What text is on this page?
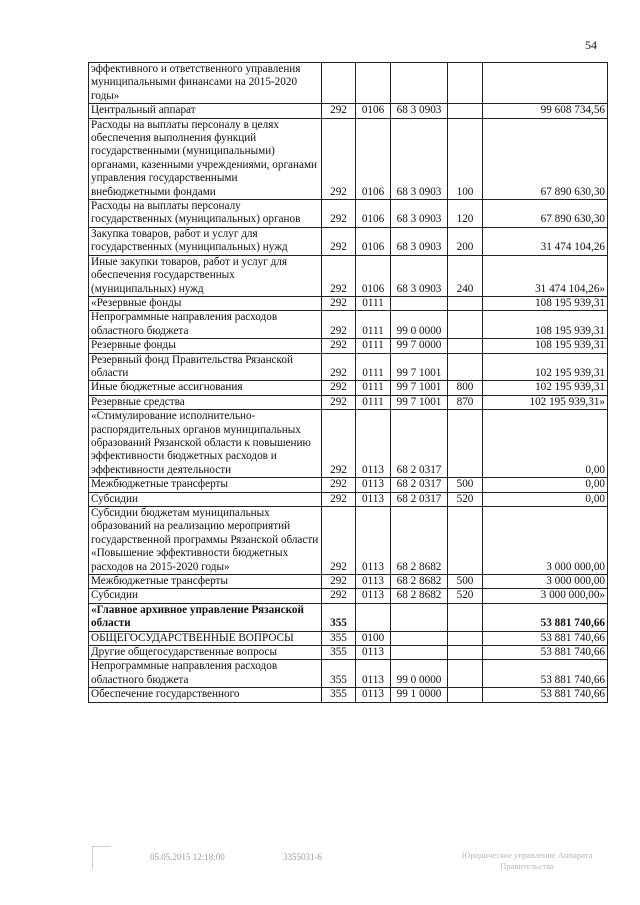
54
эффективного и ответственного управления муниципальными финансами на 2015-2020 годы»					
Центральный аппарат	292	0106	68 3 0903		99 608 734,56
Расходы на выплаты персоналу в целях обеспечения выполнения функций государственными (муниципальными) органами, казенными учреждениями, органами управления государственными внебюджетными фондами	292	0106	68 3 0903	100	67 890 630,30
Расходы на выплаты персоналу государственных (муниципальных) органов	292	0106	68 3 0903	120	67 890 630,30
Закупка товаров, работ и услуг для государственных (муниципальных) нужд	292	0106	68 3 0903	200	31 474 104,26
Иные закупки товаров, работ и услуг для обеспечения государственных (муниципальных) нужд	292	0106	68 3 0903	240	31 474 104,26»
«Резервные фонды	292	0111			108 195 939,31
Непрограммные направления расходов областного бюджета	292	0111	99 0 0000		108 195 939,31
Резервные фонды	292	0111	99 7 0000		108 195 939,31
Резервный фонд Правительства Рязанской области	292	0111	99 7 1001		102 195 939,31
Иные бюджетные ассигнования	292	0111	99 7 1001	800	102 195 939,31
Резервные средства	292	0111	99 7 1001	870	102 195 939,31»
«Стимулирование исполнительно-распорядительных органов муниципальных образований Рязанской области к повышению эффективности бюджетных расходов и эффективности деятельности	292	0113	68 2 0317		0,00
Межбюджетные трансферты	292	0113	68 2 0317	500	0,00
Субсидии	292	0113	68 2 0317	520	0,00
Субсидии бюджетам муниципальных образований на реализацию мероприятий государственной программы Рязанской области «Повышение эффективности бюджетных расходов на 2015-2020 годы»	292	0113	68 2 8682		3 000 000,00
Межбюджетные трансферты	292	0113	68 2 8682	500	3 000 000,00
Субсидии	292	0113	68 2 8682	520	3 000 000,00»
«Главное архивное управление Рязанской области	355				53 881 740,66
ОБЩЕГОСУДАРСТВЕННЫЕ ВОПРОСЫ	355	0100			53 881 740,66
Другие общегосударственные вопросы	355	0113			53 881 740,66
Непрограммные направления расходов областного бюджета	355	0113	99 0 0000		53 881 740,66
Обеспечение государственного	355	0113	99 1 0000		53 881 740,66
05.05.2015 12:18:00	3355031-6	Юридическое управление Аппарата Правительства
